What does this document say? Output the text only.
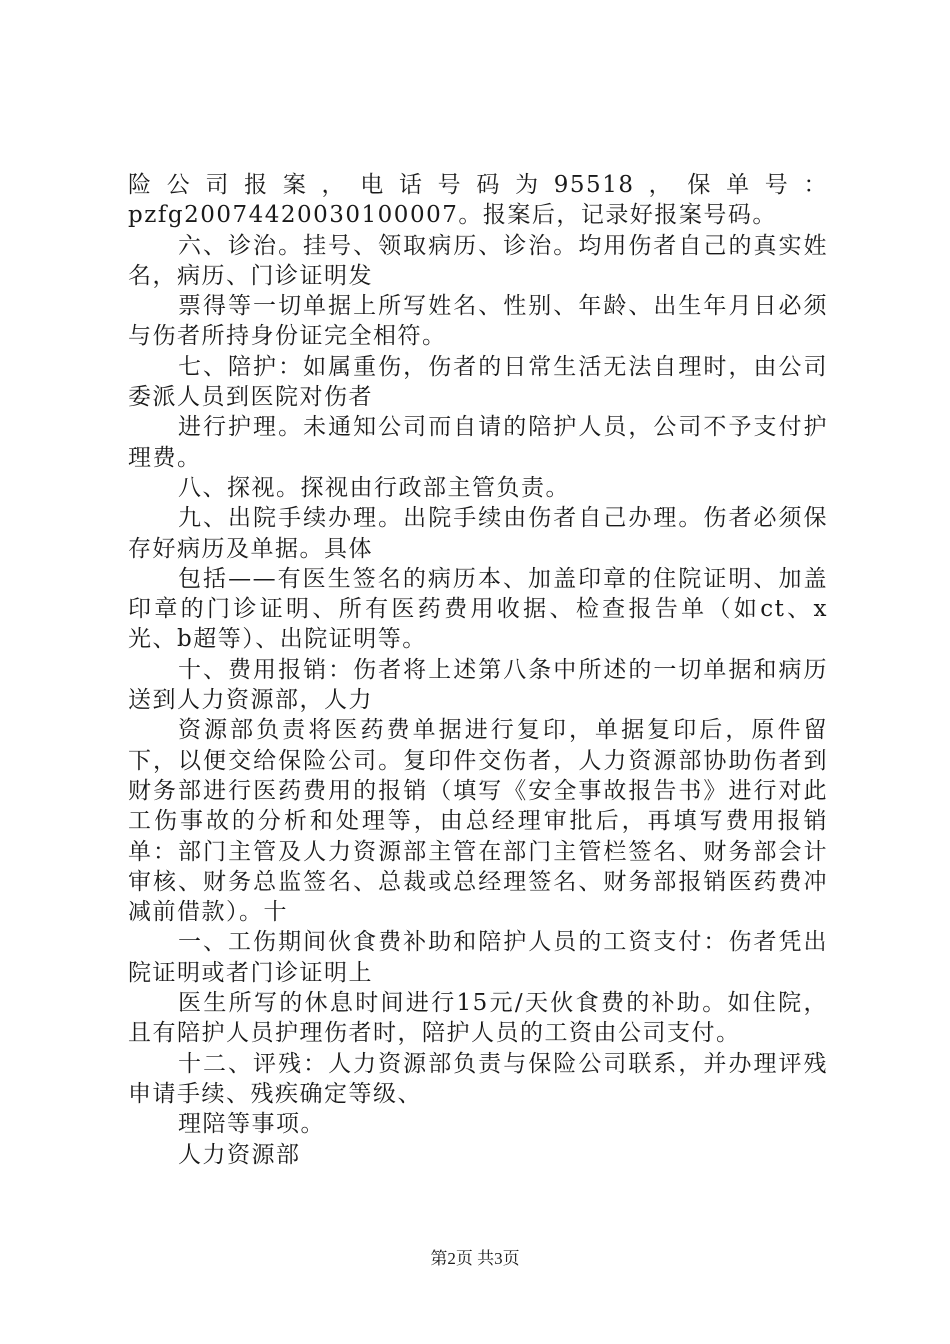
险公司报案，电话号码为95518，保单号：
pzfg20074420030100007。报案后，记录好报案号码。

六、诊治。挂号、领取病历、诊治。均用伤者自己的真实姓名，病历、门诊证明发

票得等一切单据上所写姓名、性别、年龄、出生年月日必须与伤者所持身份证完全相符。

七、陪护：如属重伤，伤者的日常生活无法自理时，由公司委派人员到医院对伤者

进行护理。未通知公司而自请的陪护人员，公司不予支付护理费。

八、探视。探视由行政部主管负责。

九、出院手续办理。出院手续由伤者自己办理。伤者必须保存好病历及单据。具体

包括——有医生签名的病历本、加盖印章的住院证明、加盖印章的门诊证明、所有医药费用收据、检查报告单（如ct、x光、b超等）、出院证明等。

十、费用报销：伤者将上述第八条中所述的一切单据和病历送到人力资源部，人力

资源部负责将医药费单据进行复印，单据复印后，原件留下，以便交给保险公司。复印件交伤者，人力资源部协助伤者到财务部进行医药费用的报销（填写《安全事故报告书》进行对此工伤事故的分析和处理等，由总经理审批后，再填写费用报销单：部门主管及人力资源部主管在部门主管栏签名、财务部会计审核、财务总监签名、总裁或总经理签名、财务部报销医药费冲减前借款）。十

一、工伤期间伙食费补助和陪护人员的工资支付：伤者凭出院证明或者门诊证明上

医生所写的休息时间进行15元/天伙食费的补助。如住院，且有陪护人员护理伤者时，陪护人员的工资由公司支付。

十二、评残：人力资源部负责与保险公司联系，并办理评残申请手续、残疾确定等级、

理陪等事项。

人力资源部

第2页 共3页
